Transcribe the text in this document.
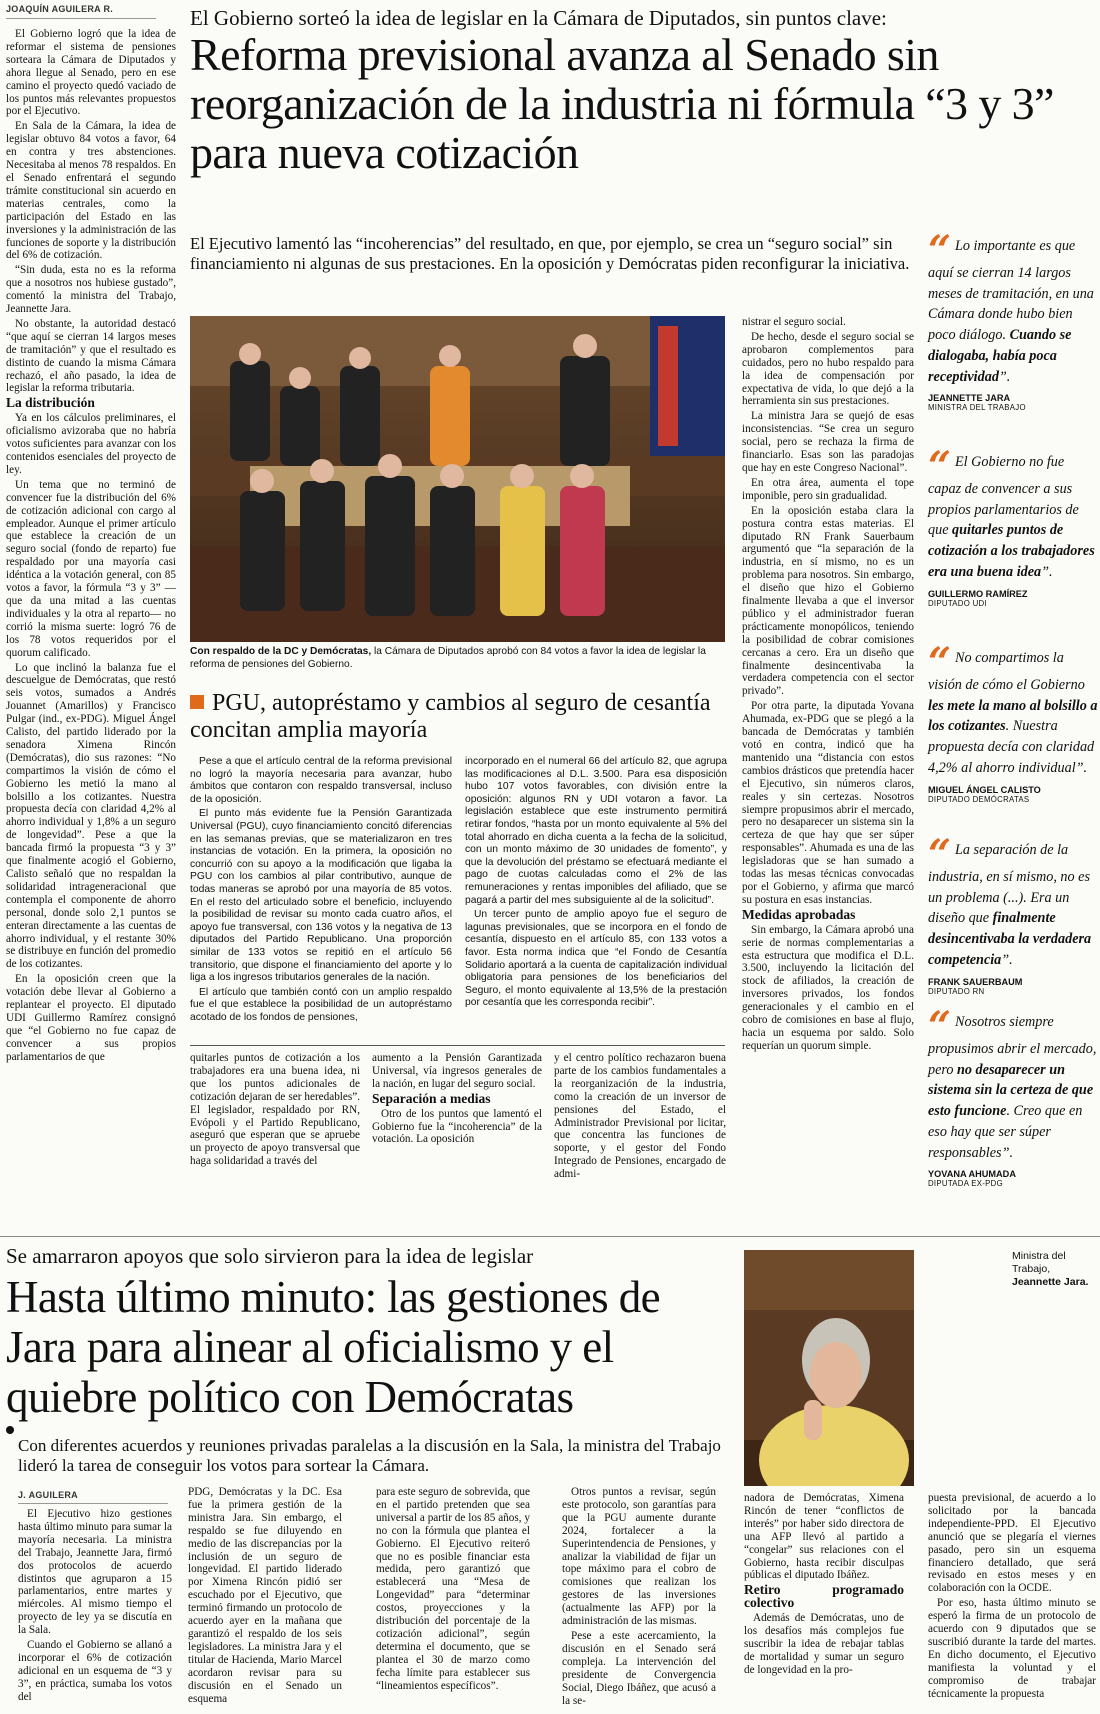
JOAQUÍN AGUILERA R.	El Gobierno sorteó la idea de legislar en la Cámara de Diputados, sin puntos clave:
Reforma previsional avanza al Senado sin reorganización de la industria ni fórmula “3 y 3” para nueva cotización
El Ejecutivo lamentó las “incoherencias” del resultado, en que, por ejemplo, se crea un “seguro social” sin financiamiento ni algunas de sus prestaciones. En la oposición y Demócratas piden reconfigurar la iniciativa.

El Gobierno logró que la idea de reformar el sistema de pensiones sorteara la Cámara de Diputados y ahora llegue al Senado, pero en ese camino el proyecto quedó vaciado de los puntos más relevantes propuestos por el Ejecutivo.

En Sala de la Cámara, la idea de legislar obtuvo 84 votos a favor, 64 en contra y tres abstenciones. Necesitaba al menos 78 respaldos. En el Senado enfrentará el segundo trámite constitucional sin acuerdo en materias centrales, como la participación del Estado en las inversiones y la administración de las funciones de soporte y la distribución del 6% de cotización.

“Sin duda, esta no es la reforma que a nosotros nos hubiese gustado”, comentó la ministra del Trabajo, Jeannette Jara.

No obstante, la autoridad destacó “que aquí se cierran 14 largos meses de tramitación” y que el resultado es distinto de cuando la misma Cámara rechazó, el año pasado, la idea de legislar la reforma tributaria.

La distribución

Ya en los cálculos preliminares, el oficialismo avizoraba que no habría votos suficientes para avanzar con los contenidos esenciales del proyecto de ley.

Un tema que no terminó de convencer fue la distribución del 6% de cotización adicional con cargo al empleador. Aunque el primer artículo que establece la creación de un seguro social (fondo de reparto) fue respaldado por una mayoría casi idéntica a la votación general, con 85 votos a favor, la fórmula “3 y 3” —que da una mitad a las cuentas individuales y la otra al reparto— no corrió la misma suerte: logró 76 de los 78 votos requeridos por el quorum calificado.

Lo que inclinó la balanza fue el descuelgue de Demócratas, que restó seis votos, sumados a Andrés Jouannet (Amarillos) y Francisco Pulgar (ind., ex-PDG). Miguel Ángel Calisto, del partido liderado por la senadora Ximena Rincón (Demócratas), dio sus razones: “No compartimos la visión de cómo el Gobierno les metió la mano al bolsillo a los cotizantes. Nuestra propuesta decía con claridad 4,2% al ahorro individual y 1,8% a un seguro de longevidad”. Pese a que la bancada firmó la propuesta “3 y 3” que finalmente acogió el Gobierno, Calisto señaló que no respaldan la solidaridad intrageneracional que contempla el componente de ahorro personal, donde solo 2,1 puntos se enteran directamente a las cuentas de ahorro individual, y el restante 30% se distribuye en función del promedio de los cotizantes.

En la oposición creen que la votación debe llevar al Gobierno a replantear el proyecto. El diputado UDI Guillermo Ramírez consignó que “el Gobierno no fue capaz de convencer a sus propios parlamentarios de que

Con respaldo de la DC y Demócratas, la Cámara de Diputados aprobó con 84 votos a favor la idea de legislar la reforma de pensiones del Gobierno.
PGU, autopréstamo y cambios al seguro de cesantía concitan amplia mayoría

Pese a que el artículo central de la reforma previsional no logró la mayoría necesaria para avanzar, hubo ámbitos que contaron con respaldo transversal, incluso de la oposición.

El punto más evidente fue la Pensión Garantizada Universal (PGU), cuyo financiamiento concitó diferencias en las semanas previas, que se materializaron en tres instancias de votación. En la primera, la oposición no concurrió con su apoyo a la modificación que ligaba la PGU con los cambios al pilar contributivo, aunque de todas maneras se aprobó por una mayoría de 85 votos. En el resto del articulado sobre el beneficio, incluyendo la posibilidad de revisar su monto cada cuatro años, el apoyo fue transversal, con 136 votos y la negativa de 13 diputados del Partido Republicano. Una proporción similar de 133 votos se repitió en el artículo 56 transitorio, que dispone el financiamiento del aporte y lo liga a los ingresos tributarios generales de la nación.

El artículo que también contó con un amplio respaldo fue el que establece la posibilidad de un autopréstamo acotado de los fondos de pensiones,

incorporado en el numeral 66 del artículo 82, que agrupa las modificaciones al D.L. 3.500. Para esa disposición hubo 107 votos favorables, con división entre la oposición: algunos RN y UDI votaron a favor. La legislación establece que este instrumento permitirá retirar fondos, “hasta por un monto equivalente al 5% del total ahorrado en dicha cuenta a la fecha de la solicitud, con un monto máximo de 30 unidades de fomento”, y que la devolución del préstamo se efectuará mediante el pago de cuotas calculadas como el 2% de las remuneraciones y rentas imponibles del afiliado, que se pagará a partir del mes subsiguiente al de la solicitud”.

Un tercer punto de amplio apoyo fue el seguro de lagunas previsionales, que se incorpora en el fondo de cesantía, dispuesto en el artículo 85, con 133 votos a favor. Esta norma indica que “el Fondo de Cesantía Solidario aportará a la cuenta de capitalización individual obligatoria para pensiones de los beneficiarios del Seguro, el monto equivalente al 13,5% de la prestación por cesantía que les corresponda recibir”.

quitarles puntos de cotización a los trabajadores era una buena idea, ni que los puntos adicionales de cotización dejaran de ser heredables”. El legislador, respaldado por RN, Evópoli y el Partido Republicano, aseguró que esperan que se apruebe un proyecto de apoyo transversal que haga solidaridad a través del

aumento a la Pensión Garantizada Universal, vía ingresos generales de la nación, en lugar del seguro social.

Separación a medias

Otro de los puntos que lamentó el Gobierno fue la “incoherencia” de la votación. La oposición

y el centro político rechazaron buena parte de los cambios fundamentales a la reorganización de la industria, como la creación de un inversor de pensiones del Estado, el Administrador Previsional por licitar, que concentra las funciones de soporte, y el gestor del Fondo Integrado de Pensiones, encargado de admi-

nistrar el seguro social.

De hecho, desde el seguro social se aprobaron complementos para cuidados, pero no hubo respaldo para la idea de compensación por expectativa de vida, lo que dejó a la herramienta sin sus prestaciones.

La ministra Jara se quejó de esas inconsistencias. “Se crea un seguro social, pero se rechaza la firma de financiarlo. Esas son las paradojas que hay en este Congreso Nacional”.

En otra área, aumenta el tope imponible, pero sin gradualidad.

En la oposición estaba clara la postura contra estas materias. El diputado RN Frank Sauerbaum argumentó que “la separación de la industria, en sí mismo, no es un problema para nosotros. Sin embargo, el diseño que hizo el Gobierno finalmente llevaba a que el inversor público y el administrador fueran prácticamente monopólicos, teniendo la posibilidad de cobrar comisiones cercanas a cero. Era un diseño que finalmente desincentivaba la verdadera competencia con el sector privado”.

Por otra parte, la diputada Yovana Ahumada, ex-PDG que se plegó a la bancada de Demócratas y también votó en contra, indicó que ha mantenido una “distancia con estos cambios drásticos que pretendía hacer el Ejecutivo, sin números claros, reales y sin certezas. Nosotros siempre propusimos abrir el mercado, pero no desaparecer un sistema sin la certeza de que hay que ser súper responsables”. Ahumada es una de las legisladoras que se han sumado a todas las mesas técnicas convocadas por el Gobierno, y afirma que marcó su postura en esas instancias.

Medidas aprobadas

Sin embargo, la Cámara aprobó una serie de normas complementarias a esta estructura que modifica el D.L. 3.500, incluyendo la licitación del stock de afiliados, la creación de inversores privados, los fondos generacionales y el cambio en el cobro de comisiones en base al flujo, hacia un esquema por saldo. Solo requerían un quorum simple.

“ Lo importante es que aquí se cierran 14 largos meses de tramitación, en una Cámara donde hubo bien poco diálogo. Cuando se dialogaba, había poca receptividad”.
JEANNETTE JARA
MINISTRA DEL TRABAJO
“ El Gobierno no fue capaz de convencer a sus propios parlamentarios de que quitarles puntos de cotización a los trabajadores era una buena idea”.
GUILLERMO RAMÍREZ
DIPUTADO UDI
“ No compartimos la visión de cómo el Gobierno les mete la mano al bolsillo a los cotizantes. Nuestra propuesta decía con claridad 4,2% al ahorro individual”.
MIGUEL ÁNGEL CALISTO
DIPUTADO DEMÓCRATAS
“ La separación de la industria, en sí mismo, no es un problema (...). Era un diseño que finalmente desincentivaba la verdadera competencia”.
FRANK SAUERBAUM
DIPUTADO RN
“ Nosotros siempre propusimos abrir el mercado, pero no desaparecer un sistema sin la certeza de que esto funcione. Creo que en eso hay que ser súper responsables”.
YOVANA AHUMADA
DIPUTADA EX-PDG
Se amarraron apoyos que solo sirvieron para la idea de legislar
Hasta último minuto: las gestiones de Jara para alinear al oficialismo y el quiebre político con Demócratas
Con diferentes acuerdos y reuniones privadas paralelas a la discusión en la Sala, la ministra del Trabajo lideró la tarea de conseguir los votos para sortear la Cámara.
Ministra del Trabajo, Jeannette Jara.
J. AGUILERA

El Ejecutivo hizo gestiones hasta último minuto para sumar la mayoría necesaria. La ministra del Trabajo, Jeannette Jara, firmó dos protocolos de acuerdo distintos que agruparon a 15 parlamentarios, entre martes y miércoles. Al mismo tiempo el proyecto de ley ya se discutía en la Sala.

Cuando el Gobierno se allanó a incorporar el 6% de cotización adicional en un esquema de “3 y 3”, en práctica, sumaba los votos del

PDG, Demócratas y la DC. Esa fue la primera gestión de la ministra Jara. Sin embargo, el respaldo se fue diluyendo en medio de las discrepancias por la inclusión de un seguro de longevidad. El partido liderado por Ximena Rincón pidió ser escuchado por el Ejecutivo, que terminó firmando un protocolo de acuerdo ayer en la mañana que garantizó el respaldo de los seis legisladores. La ministra Jara y el titular de Hacienda, Mario Marcel acordaron revisar para su discusión en el Senado un esquema

para este seguro de sobrevida, que en el partido pretenden que sea universal a partir de los 85 años, y no con la fórmula que plantea el Gobierno. El Ejecutivo reiteró que no es posible financiar esta medida, pero garantizó que establecerá una “Mesa de Longevidad” para “determinar costos, proyecciones y la distribución del porcentaje de la cotización adicional”, según determina el documento, que se plantea el 30 de marzo como fecha límite para establecer sus “lineamientos específicos”.

Otros puntos a revisar, según este protocolo, son garantías para que la PGU aumente durante 2024, fortalecer a la Superintendencia de Pensiones, y analizar la viabilidad de fijar un tope máximo para el cobro de comisiones que realizan los gestores de las inversiones (actualmente las AFP) por la administración de las mismas.

Pese a este acercamiento, la discusión en el Senado será compleja. La intervención del presidente de Convergencia Social, Diego Ibáñez, que acusó a la se-

nadora de Demócratas, Ximena Rincón de tener “conflictos de interés” por haber sido directora de una AFP llevó al partido a “congelar” sus relaciones con el Gobierno, hasta recibir disculpas públicas el diputado Ibáñez.

Retiro programado colectivo

Además de Demócratas, uno de los desafíos más complejos fue suscribir la idea de rebajar tablas de mortalidad y sumar un seguro de longevidad en la pro-

puesta previsional, de acuerdo a lo solicitado por la bancada independiente-PPD. El Ejecutivo anunció que se plegaría el viernes pasado, pero sin un esquema financiero detallado, que será revisado en estos meses y en colaboración con la OCDE.

Por eso, hasta último minuto se esperó la firma de un protocolo de acuerdo con 9 diputados que se suscribió durante la tarde del martes. En dicho documento, el Ejecutivo manifiesta la voluntad y el compromiso de trabajar técnicamente la propuesta
